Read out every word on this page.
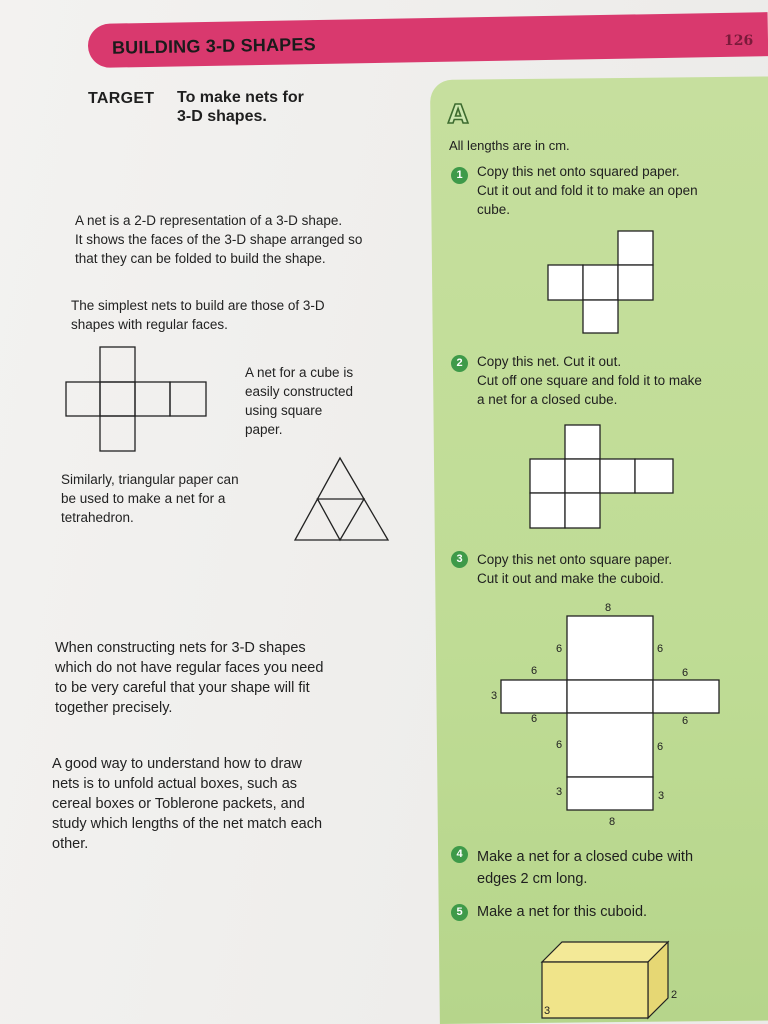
BUILDING 3-D SHAPES	126
TARGET To make nets for
3-D shapes.
A net is a 2-D representation of a 3-D shape.
It shows the faces of the 3-D shape arranged so
that they can be folded to build the shape.
The simplest nets to build are those of 3-D
shapes with regular faces.
A net for a cube is
easily constructed
using square
paper.
Similarly, triangular paper can
be used to make a net for a
tetrahedron.
When constructing nets for 3-D shapes
which do not have regular faces you need
to be very careful that your shape will fit
together precisely.
A good way to understand how to draw
nets is to unfold actual boxes, such as
cereal boxes or Toblerone packets, and
study which lengths of the net match each
other.
A
All lengths are in cm.
1	Copy this net onto squared paper.
Cut it out and fold it to make an open
cube.
2	Copy this net. Cut it out.
Cut off one square and fold it to make
a net for a closed cube.
3	Copy this net onto square paper.
Cut it out and make the cuboid.
8
6	6
6	6
3
6	6
6	6
3	3
8
4 Make a net for a closed cube with
edges 2 cm long.
5 Make a net for this cuboid.
2
3
